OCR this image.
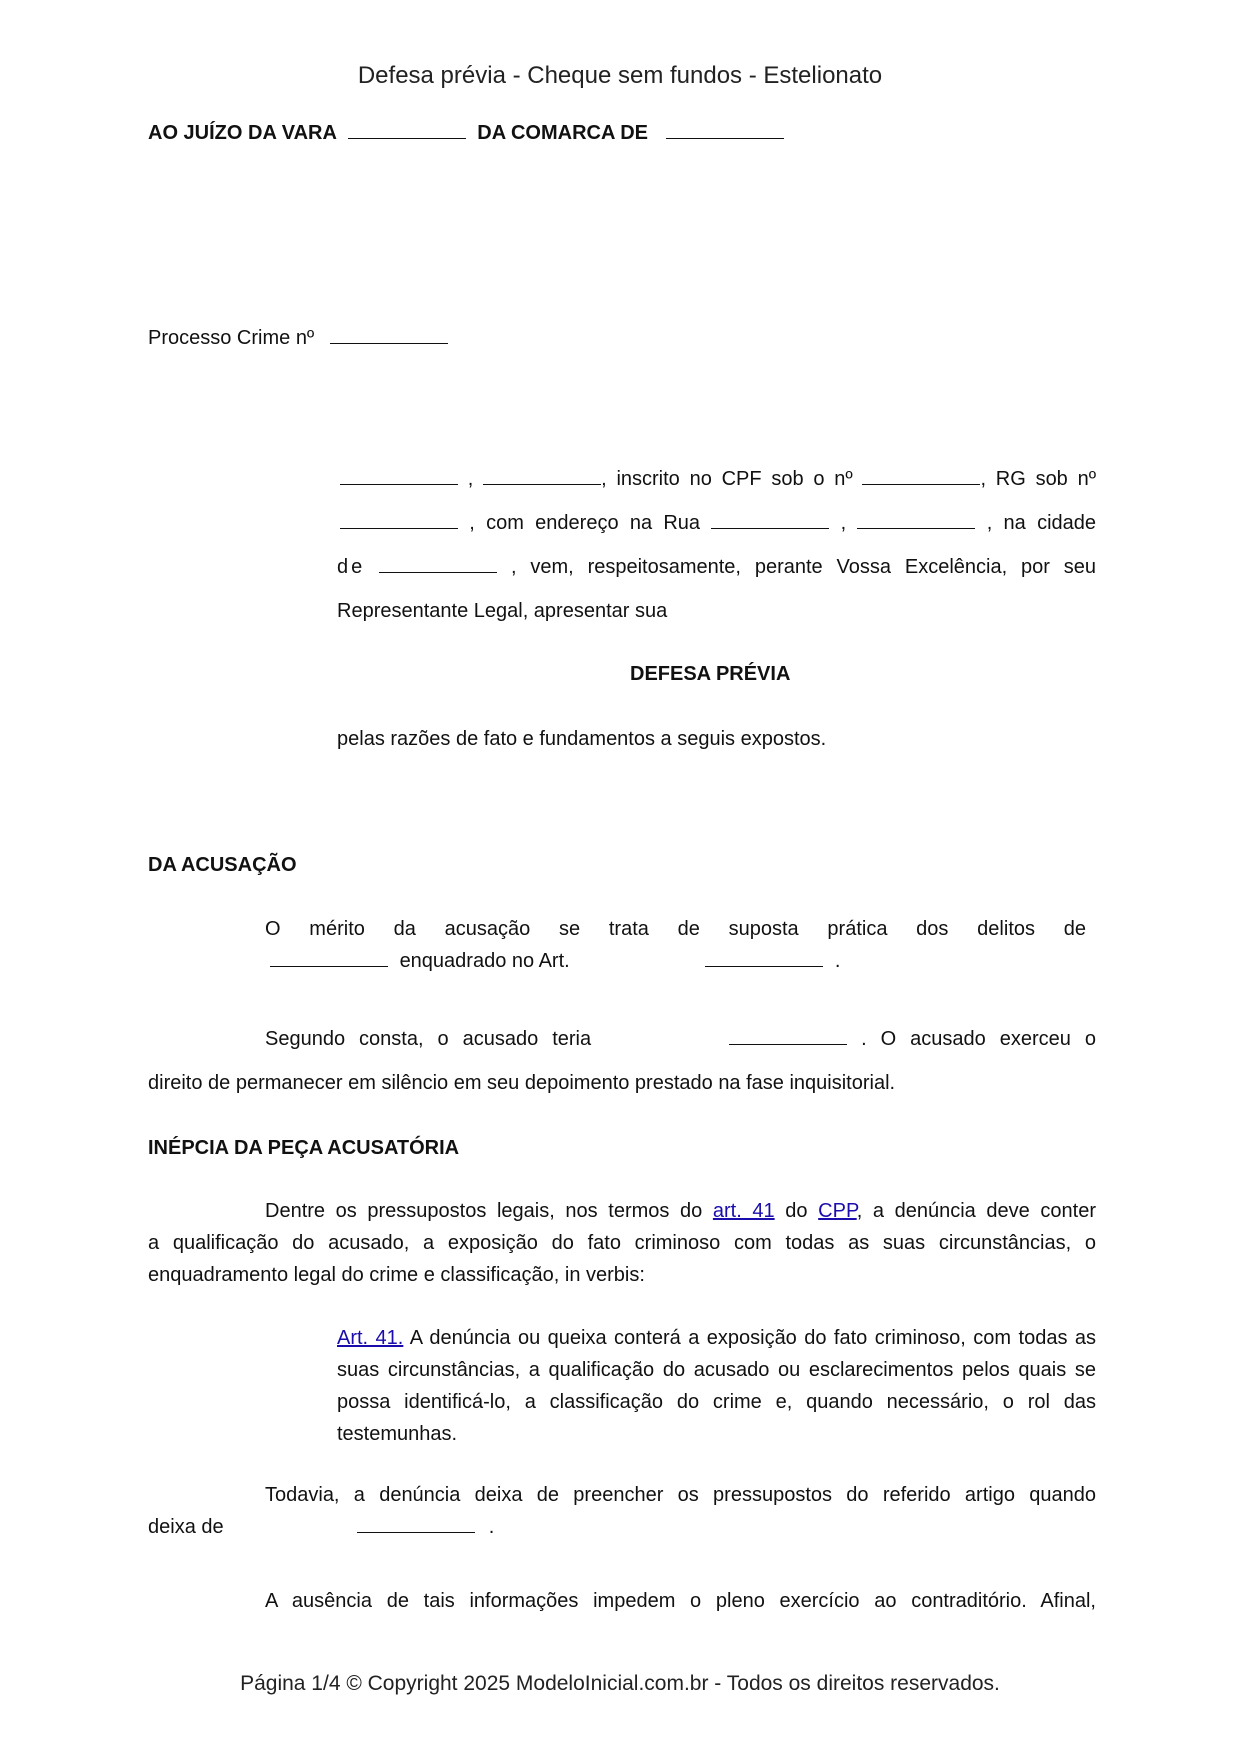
Defesa prévia - Cheque sem fundos - Estelionato
AO JUÍZO DA VARA	DA COMARCA DE
Processo Crime nº
,	, inscrito no CPF sob o nº	, RG sob nº
, com endereço na Rua	,	, na cidade
de	, vem, respeitosamente, perante Vossa Excelência, por seu
Representante Legal, apresentar sua
DEFESA PRÉVIA
pelas razões de fato e fundamentos a seguis expostos.
DA ACUSAÇÃO
O mérito da acusação se trata de suposta prática dos delitos de
enquadrado no Art.	.
Segundo consta, o acusado teria	. O acusado exerceu o
direito de permanecer em silêncio em seu depoimento prestado na fase inquisitorial.
INÉPCIA DA PEÇA ACUSATÓRIA
Dentre os pressupostos legais, nos termos do art. 41 do CPP, a denúncia deve conter
a qualificação do acusado, a exposição do fato criminoso com todas as suas circunstâncias, o
enquadramento legal do crime e classificação, in verbis:
Art. 41. A denúncia ou queixa conterá a exposição do fato criminoso, com todas as suas circunstâncias, a qualificação do acusado ou esclarecimentos pelos quais se possa identificá-lo, a classificação do crime e, quando necessário, o rol das testemunhas.
Todavia, a denúncia deixa de preencher os pressupostos do referido artigo quando
deixa de	.
A ausência de tais informações impedem o pleno exercício ao contraditório. Afinal,
Página 1/4 © Copyright 2025 ModeloInicial.com.br - Todos os direitos reservados.
